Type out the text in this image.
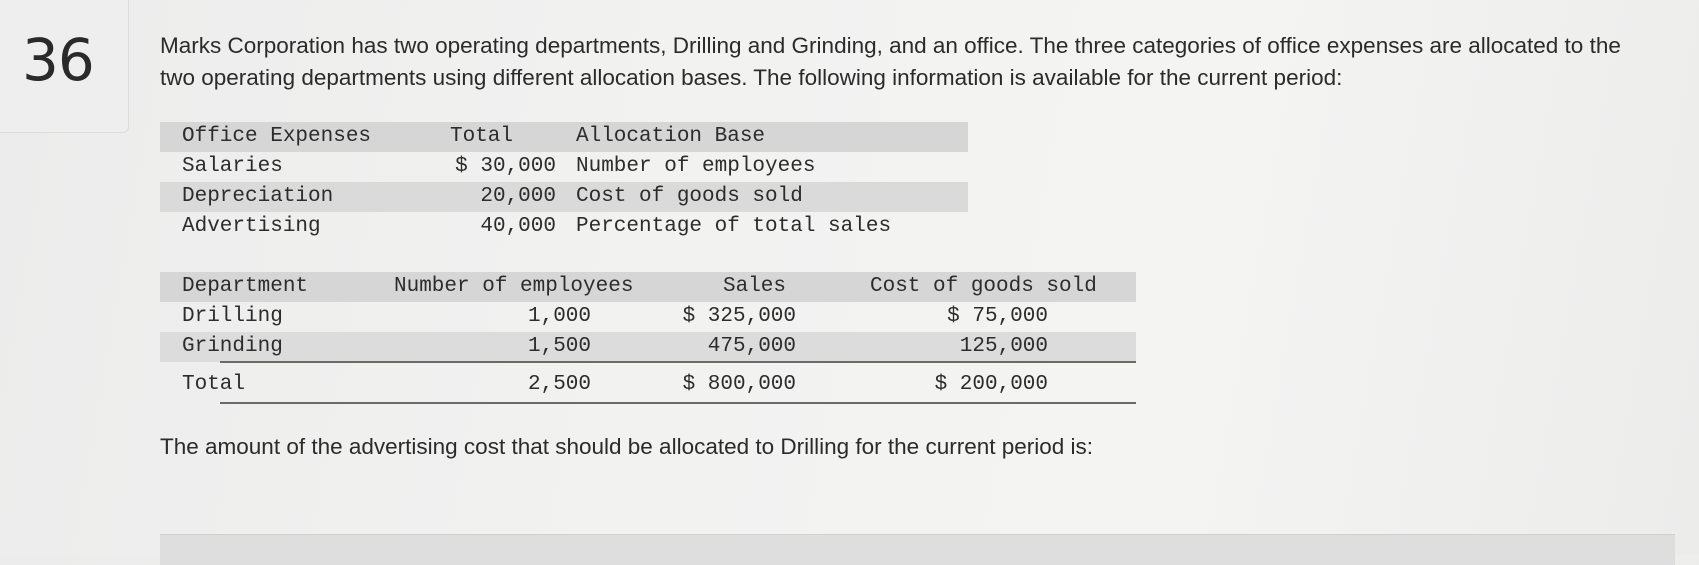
36	Marks Corporation has two operating departments, Drilling and Grinding, and an office. The three categories of office expenses are allocated to the two operating departments using different allocation bases. The following information is available for the current period:
Office Expenses	Total	Allocation Base
Salaries	$ 30,000 Number of employees
Depreciation	20,000 Cost of goods sold
Advertising	40,000 Percentage of total sales
Department	Number of employees	Sales	Cost of goods sold
Drilling	1,000	$ 325,000	$ 75,000
Grinding	1,500	475,000	125,000
Total	2,500	$ 800,000	$ 200,000
The amount of the advertising cost that should be allocated to Drilling for the current period is:
